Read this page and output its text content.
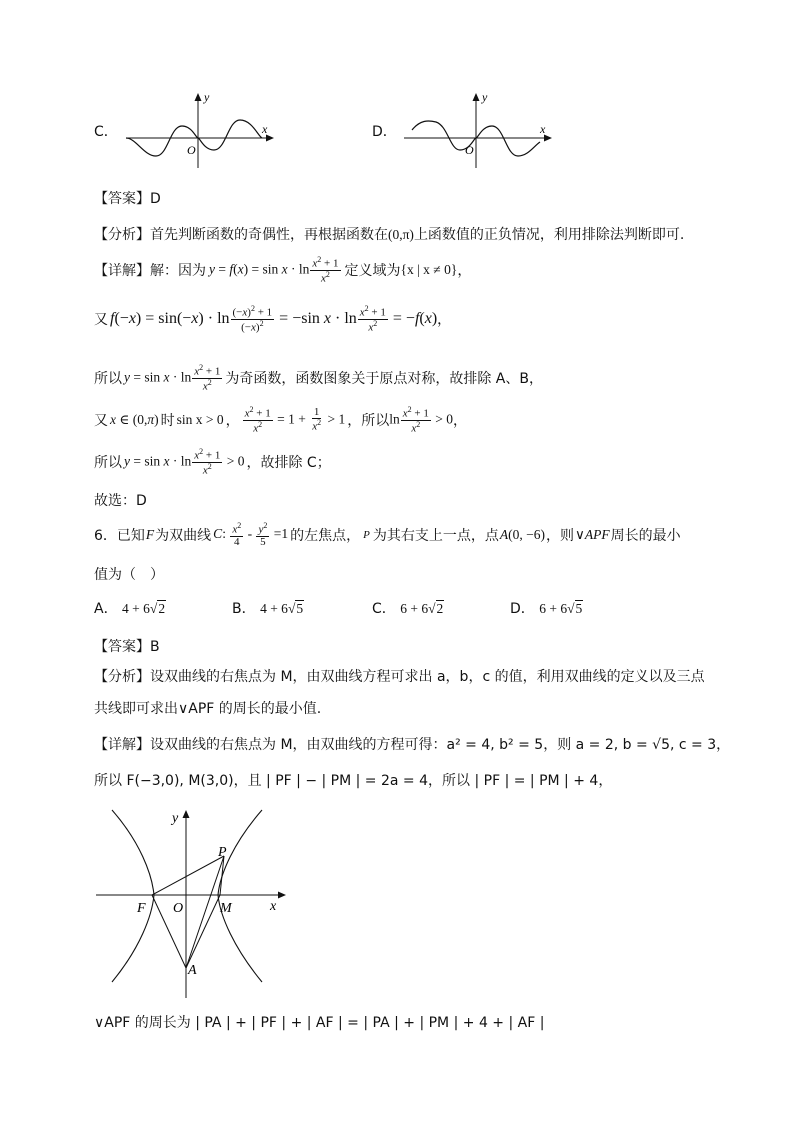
C．
y
x
O
D．
y
x
O
【答案】D
【分析】首先判断函数的奇偶性，再根据函数在(0,π)上函数值的正负情况，利用排除法判断即可.
【详解】 解：因为 $y = f(x) = \sin x \cdot \ln \frac{x^2 + 1}{x^2}$ 定义域为 {x | x ≠ 0} ，
又 $f(-x) = \sin(-x) \cdot \ln \frac{(-x)^2 + 1}{(-x)^2} = -\sin$ $x \cdot \ln \frac{x^2 + 1}{x^2} = -f(x)$ ，
所以 $y = \sin x \cdot \ln \frac{x^2 + 1}{x^2}$ 为奇函数，函数图象关于原点对称，故排除 A、B，
又 x ∈ (0,π) 时 sin x > 0 ， $\frac{x^2 + 1}{x^2} = 1 + \frac{1}{x^2} > 1$ ，所以 $\ln \frac{x^2 + 1}{x^2} > 0$ ，
所以 $y = \sin x \cdot \ln \frac{x^2 + 1}{x^2} > 0$ ，故排除 C；
故选：D
6．已知 F 为双曲线 C: $\frac{x^2}{4} - \frac{y^2}{5} =1$ 的左焦点， P 为其右支上一点，点 A(0, −6) ，则 ∨APF 周长的最小
值为（　）
A． 4 + 6√2	B． 4 + 6√5	C． 6 + 6√2	D． 6 + 6√5
【答案】B
【分析】设双曲线的右焦点为 M，由双曲线方程可求出 a，b，c 的值，利用双曲线的定义以及三点
共线即可求出∨APF 的周长的最小值.
【详解】设双曲线的右焦点为 M，由双曲线的方程可得：a² = 4, b² = 5，则 a = 2, b = √5, c = 3，
所以 F(−3,0), M(3,0)，且 | PF | − | PM | = 2a = 4，所以 | PF | = | PM | + 4，
y
x
P
F O	M
A
∨APF 的周长为 | PA | + | PF | + | AF | = | PA | + | PM | + 4 + | AF |
